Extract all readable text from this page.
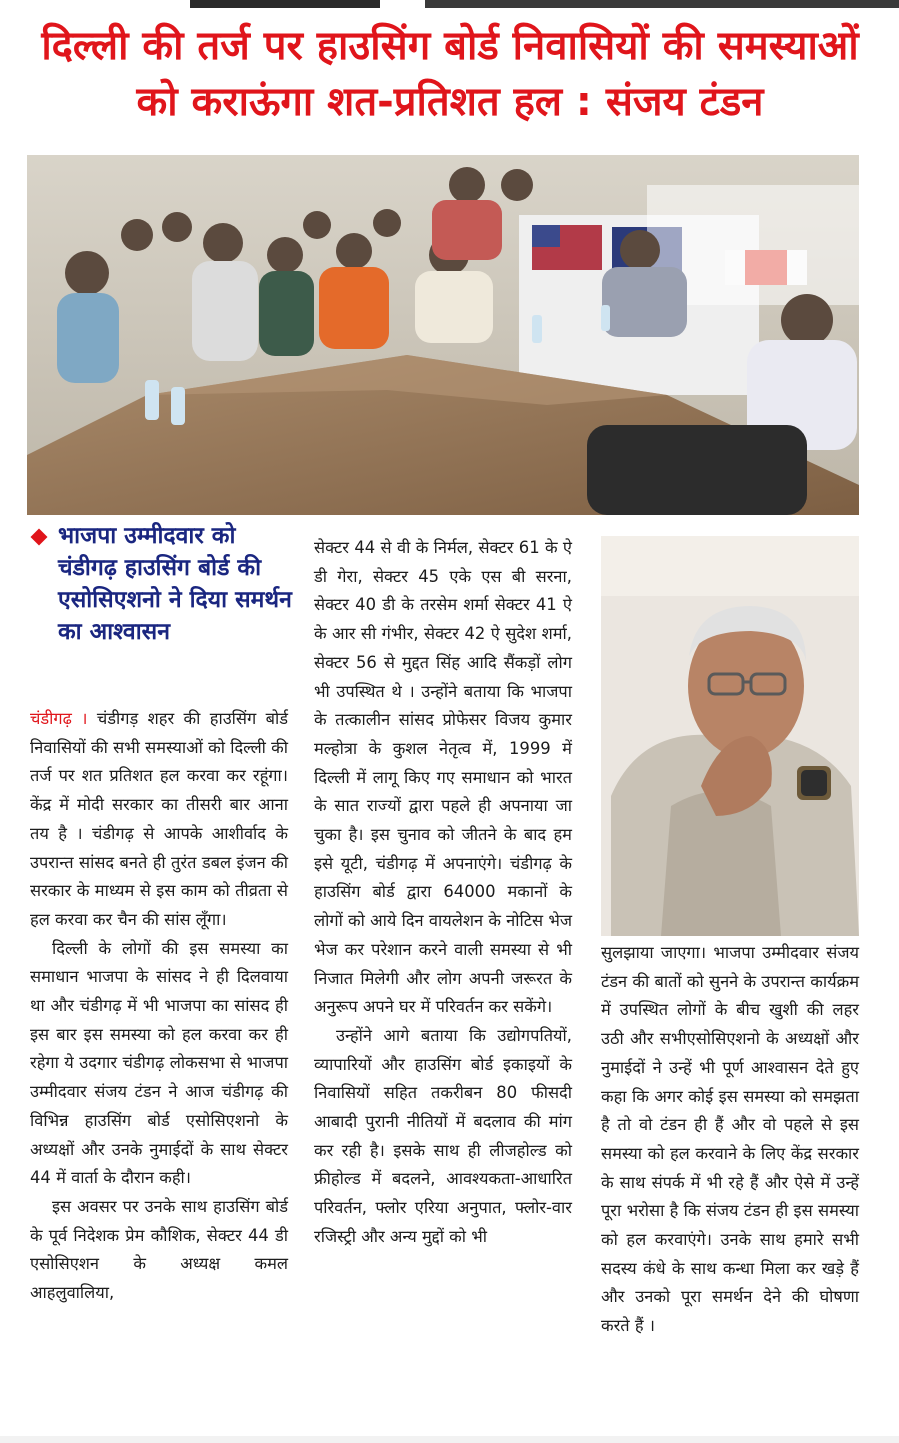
दिल्ली की तर्ज पर हाउसिंग बोर्ड निवासियों की समस्याओं
को कराऊंगा शत-प्रतिशत हल : संजय टंडन
भाजपा उम्मीदवार को चंडीगढ़ हाउसिंग बोर्ड की एसोसिएशनो ने दिया समर्थन का आश्वासन

चंडीगढ़ । चंडीगड़ शहर की हाउसिंग बोर्ड निवासियों की सभी समस्याओं को दिल्ली की तर्ज पर शत प्रतिशत हल करवा कर रहूंगा। केंद्र में मोदी सरकार का तीसरी बार आना तय है । चंडीगढ़ से आपके आशीर्वाद के उपरान्त सांसद बनते ही तुरंत डबल इंजन की सरकार के माध्यम से इस काम को तीव्रता से हल करवा कर चैन की सांस लूँगा।

दिल्ली के लोगों की इस समस्या का समाधान भाजपा के सांसद ने ही दिलवाया था और चंडीगढ़ में भी भाजपा का सांसद ही इस बार इस समस्या को हल करवा कर ही रहेगा ये उदगार चंडीगढ़ लोकसभा से भाजपा उम्मीदवार संजय टंडन ने आज चंडीगढ़ की विभिन्न हाउसिंग बोर्ड एसोसिएशनो के अध्यक्षों और उनके नुमाईदों के साथ सेक्टर 44 में वार्ता के दौरान कही।

इस अवसर पर उनके साथ हाउसिंग बोर्ड के पूर्व निदेशक प्रेम कौशिक, सेक्टर 44 डी एसोसिएशन के अध्यक्ष कमल आहलुवालिया,

सेक्टर 44 से वी के निर्मल, सेक्टर 61 के ऐ डी गेरा, सेक्टर 45 एके एस बी सरना, सेक्टर 40 डी के तरसेम शर्मा सेक्टर 41 ऐ के आर सी गंभीर, सेक्टर 42 ऐ सुदेश शर्मा, सेक्टर 56 से मुद्दत सिंह आदि सैंकड़ों लोग भी उपस्थित थे । उन्होंने बताया कि भाजपा के तत्कालीन सांसद प्रोफेसर विजय कुमार मल्होत्रा के कुशल नेतृत्व में, 1999 में दिल्ली में लागू किए गए समाधान को भारत के सात राज्यों द्वारा पहले ही अपनाया जा चुका है। इस चुनाव को जीतने के बाद हम इसे यूटी, चंडीगढ़ में अपनाएंगे। चंडीगढ़ के हाउसिंग बोर्ड द्वारा 64000 मकानों के लोगों को आये दिन वायलेशन के नोटिस भेज भेज कर परेशान करने वाली समस्या से भी निजात मिलेगी और लोग अपनी जरूरत के अनुरूप अपने घर में परिवर्तन कर सकेंगे।

उन्होंने आगे बताया कि उद्योगपतियों, व्यापारियों और हाउसिंग बोर्ड इकाइयों के निवासियों सहित तकरीबन 80 फीसदी आबादी पुरानी नीतियों में बदलाव की मांग कर रही है। इसके साथ ही लीजहोल्ड को फ्रीहोल्ड में बदलने, आवश्यकता-आधारित परिवर्तन, फ्लोर एरिया अनुपात, फ्लोर-वार रजिस्ट्री और अन्य मुद्दों को भी

सुलझाया जाएगा। भाजपा उम्मीदवार संजय टंडन की बातों को सुनने के उपरान्त कार्यक्रम में उपस्थित लोगों के बीच खुशी की लहर उठी और सभीएसोसिएशनो के अध्यक्षों और नुमाईदों ने उन्हें भी पूर्ण आश्वासन देते हुए कहा कि अगर कोई इस समस्या को समझता है तो वो टंडन ही हैं और वो पहले से इस समस्या को हल करवाने के लिए केंद्र सरकार के साथ संपर्क में भी रहे हैं और ऐसे में उन्हें पूरा भरोसा है कि संजय टंडन ही इस समस्या को हल करवाएंगे। उनके साथ हमारे सभी सदस्य कंधे के साथ कन्धा मिला कर खड़े हैं और उनको पूरा समर्थन देने की घोषणा करते हैं ।
